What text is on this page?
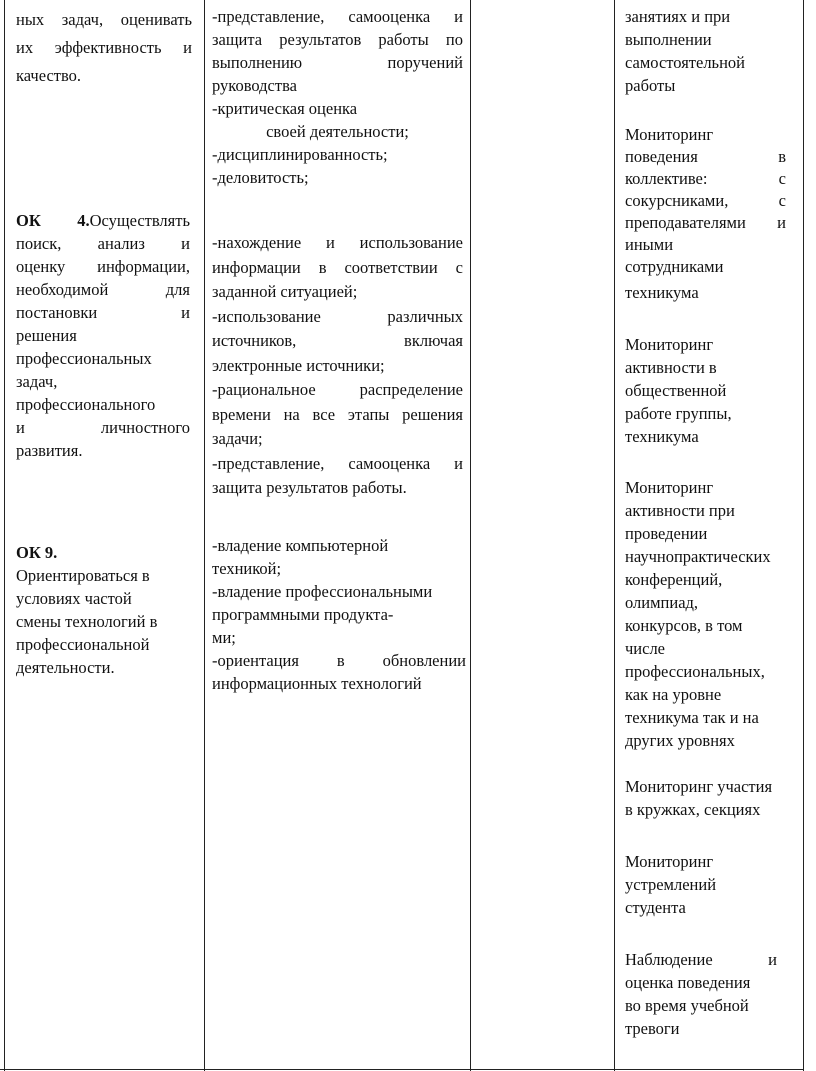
ных задач, оценивать

их эффективность и

качество.

ОК 4.Осуществлять

поиск, анализ и

оценку информации,

необходимой для

постановки и

решения

профессиональных

задач,

профессионального

и личностного

развития.

ОК 9.

Ориентироваться в

условиях частой

смены технологий в

профессиональной

деятельности.

-представление, самооценка и

защита результатов работы по

выполнению поручений

руководства

-критическая оценка

своей деятельности;

-дисциплинированность;

-деловитость;

-нахождение и использование

информации в соответствии с

заданной ситуацией;

-использование различных

источников, включая

электронные источники;

-рациональное распределение

времени на все этапы решения

задачи;

-представление, самооценка и

защита результатов работы.

-владение компьютерной

техникой;

-владение профессиональными

программными продукта-

ми;

-ориентация в обновлении

информационных технологий

занятиях и при

выполнении

самостоятельной

работы

Мониторинг

поведения в

коллективе: с

сокурсниками, с

преподавателями и

иными

сотрудниками

техникума

Мониторинг

активности в

общественной

работе группы,

техникума

Мониторинг

активности при

проведении

научнопрактических

конференций,

олимпиад,

конкурсов, в том

числе

профессиональных,

как на уровне

техникума так и на

других уровнях

Мониторинг участия

в кружках, секциях

Мониторинг

устремлений

студента

Наблюдение и

оценка поведения

во время учебной

тревоги
